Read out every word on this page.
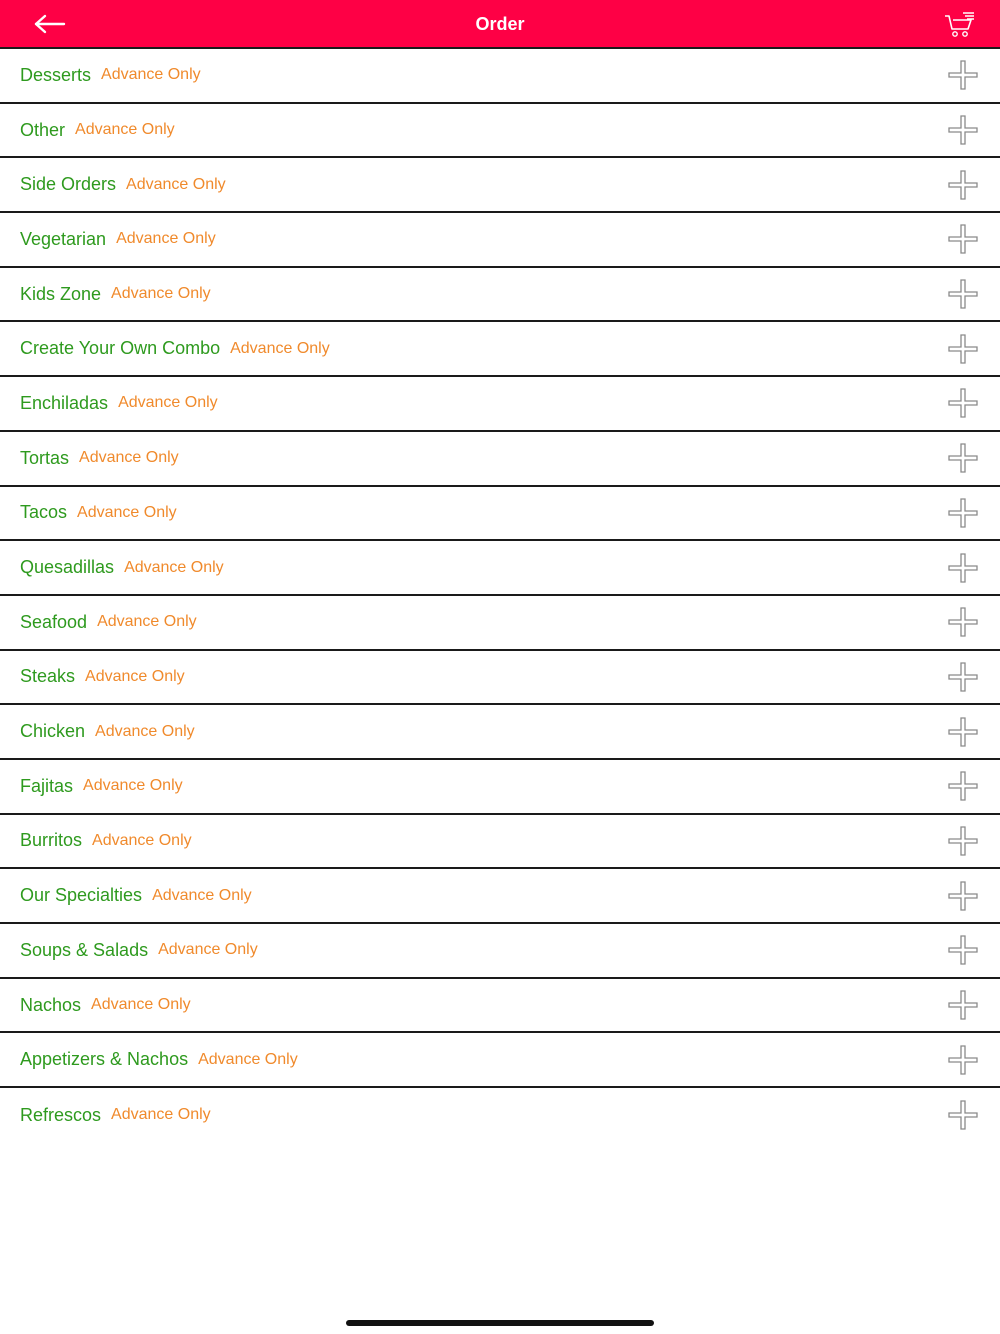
Order
Desserts Advance Only
Other Advance Only
Side Orders Advance Only
Vegetarian Advance Only
Kids Zone Advance Only
Create Your Own Combo Advance Only
Enchiladas Advance Only
Tortas Advance Only
Tacos Advance Only
Quesadillas Advance Only
Seafood Advance Only
Steaks Advance Only
Chicken Advance Only
Fajitas Advance Only
Burritos Advance Only
Our Specialties Advance Only
Soups & Salads Advance Only
Nachos Advance Only
Appetizers & Nachos Advance Only
Refrescos Advance Only
